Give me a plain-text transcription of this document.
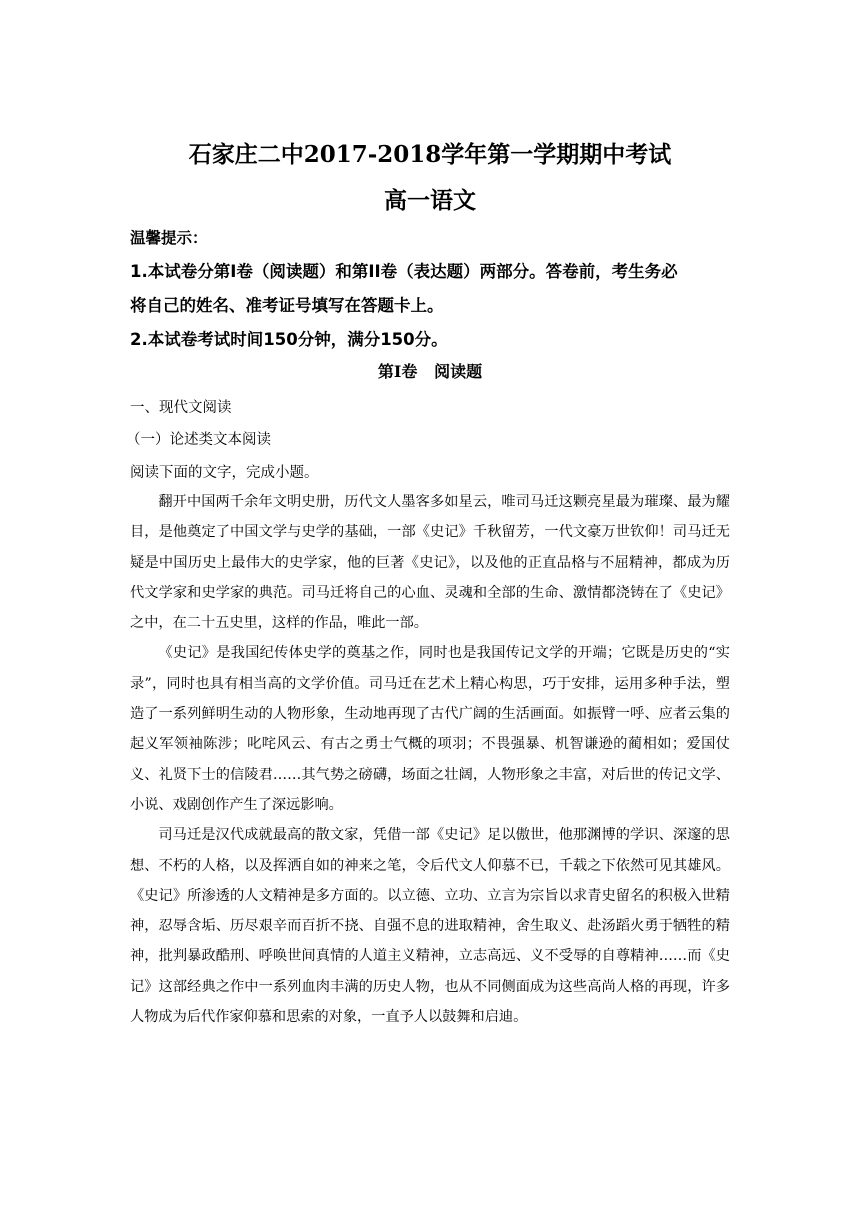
石家庄二中2017-2018学年第一学期期中考试
高一语文
温馨提示：
1.本试卷分第I卷（阅读题）和第II卷（表达题）两部分。答卷前，考生务必
将自己的姓名、准考证号填写在答题卡上。
2.本试卷考试时间150分钟，满分150分。
第I卷   阅读题
一、现代文阅读
（一）论述类文本阅读
阅读下面的文字，完成小题。

翻开中国两千余年文明史册，历代文人墨客多如星云，唯司马迁这颗亮星最为璀璨、最为耀目，是他奠定了中国文学与史学的基础，一部《史记》千秋留芳，一代文豪万世钦仰！司马迁无疑是中国历史上最伟大的史学家，他的巨著《史记》，以及他的正直品格与不屈精神，都成为历代文学家和史学家的典范。司马迁将自己的心血、灵魂和全部的生命、激情都浇铸在了《史记》之中，在二十五史里，这样的作品，唯此一部。

《史记》是我国纪传体史学的奠基之作，同时也是我国传记文学的开端；它既是历史的“实录”，同时也具有相当高的文学价值。司马迁在艺术上精心构思，巧于安排，运用多种手法，塑造了一系列鲜明生动的人物形象，生动地再现了古代广阔的生活画面。如振臂一呼、应者云集的起义军领袖陈涉；叱咤风云、有古之勇士气概的项羽；不畏强暴、机智谦逊的蔺相如；爱国仗义、礼贤下士的信陵君……其气势之磅礴，场面之壮阔，人物形象之丰富，对后世的传记文学、小说、戏剧创作产生了深远影响。

司马迁是汉代成就最高的散文家，凭借一部《史记》足以傲世，他那渊博的学识、深邃的思想、不朽的人格，以及挥洒自如的神来之笔，令后代文人仰慕不已，千载之下依然可见其雄风。《史记》所渗透的人文精神是多方面的。以立德、立功、立言为宗旨以求青史留名的积极入世精神，忍辱含垢、历尽艰辛而百折不挠、自强不息的进取精神，舍生取义、赴汤蹈火勇于牺牲的精神，批判暴政酷刑、呼唤世间真情的人道主义精神，立志高远、义不受辱的自尊精神……而《史记》这部经典之作中一系列血肉丰满的历史人物，也从不同侧面成为这些高尚人格的再现，许多人物成为后代作家仰慕和思索的对象，一直予人以鼓舞和启迪。
